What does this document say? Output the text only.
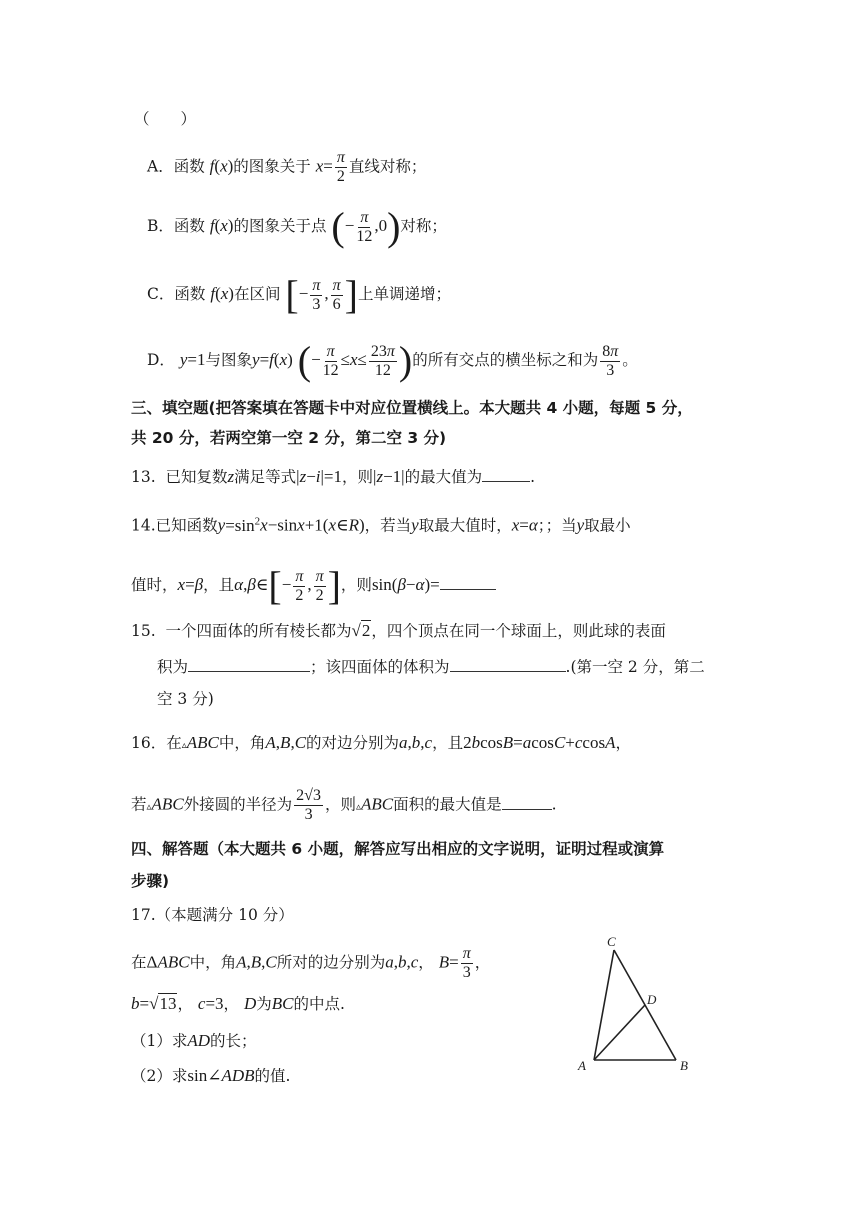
（　　）
A．函数 f(x)的图象关于 $x= \frac{\pi}{2}$ 直线对称；
B．函数 f(x)的图象关于点 (− $\frac{\pi}{12} ,0$)对称；
C．函数 f(x)在区间 [− $\frac{\pi}{3}$ , $\frac{\pi}{6}$ ]上单调递增；
D． y=1与图象y=f(x) (− $\frac{\pi}{12} \le x\le \frac{23\pi}{12}$ )的所有交点的横坐标之和为 $\frac{8\pi}{3}$ 。
三、填空题(把答案填在答题卡中对应位置横线上。本大题共 4 小题，每题 5 分，
共 20 分，若两空第一空 2 分，第二空 3 分)
13. 已知复数z满足等式|z−i|=1，则|z−1|的最大值为	.
14.已知函数$y=\sin^2x-\sin x+1(x\in R)$，若当y取最大值时，x=α；；当y取最小
值时，x=β，且α,β∈[− $\frac{\pi}{2}$ , $\frac{\pi}{2}$ ]，则sin(β−α)=
15. 一个四面体的所有棱长都为√2，四个顶点在同一个球面上，则此球的表面
积为	；该四面体的体积为	.(第一空 2 分，第二
空 3 分)
16．在▵ABC中，角A,B,C的对边分别为a,b,c，且2bcosB=acosC+ccosA，
若▵ABC外接圆的半径为 $\frac{2√3}{3}$ ，则▵ABC面积的最大值是	.
四、解答题（本大题共 6 小题，解答应写出相应的文字说明，证明过程或演算
步骤)
17.（本题满分 10 分）
在ΔABC中，角A,B,C所对的边分别为a,b,c， $B= \frac{\pi}{3}$ ，
b=√13， c=3， D为BC的中点.
（1）求AD的长；
（2）求sin∠ADB的值.
C
D
A	B
